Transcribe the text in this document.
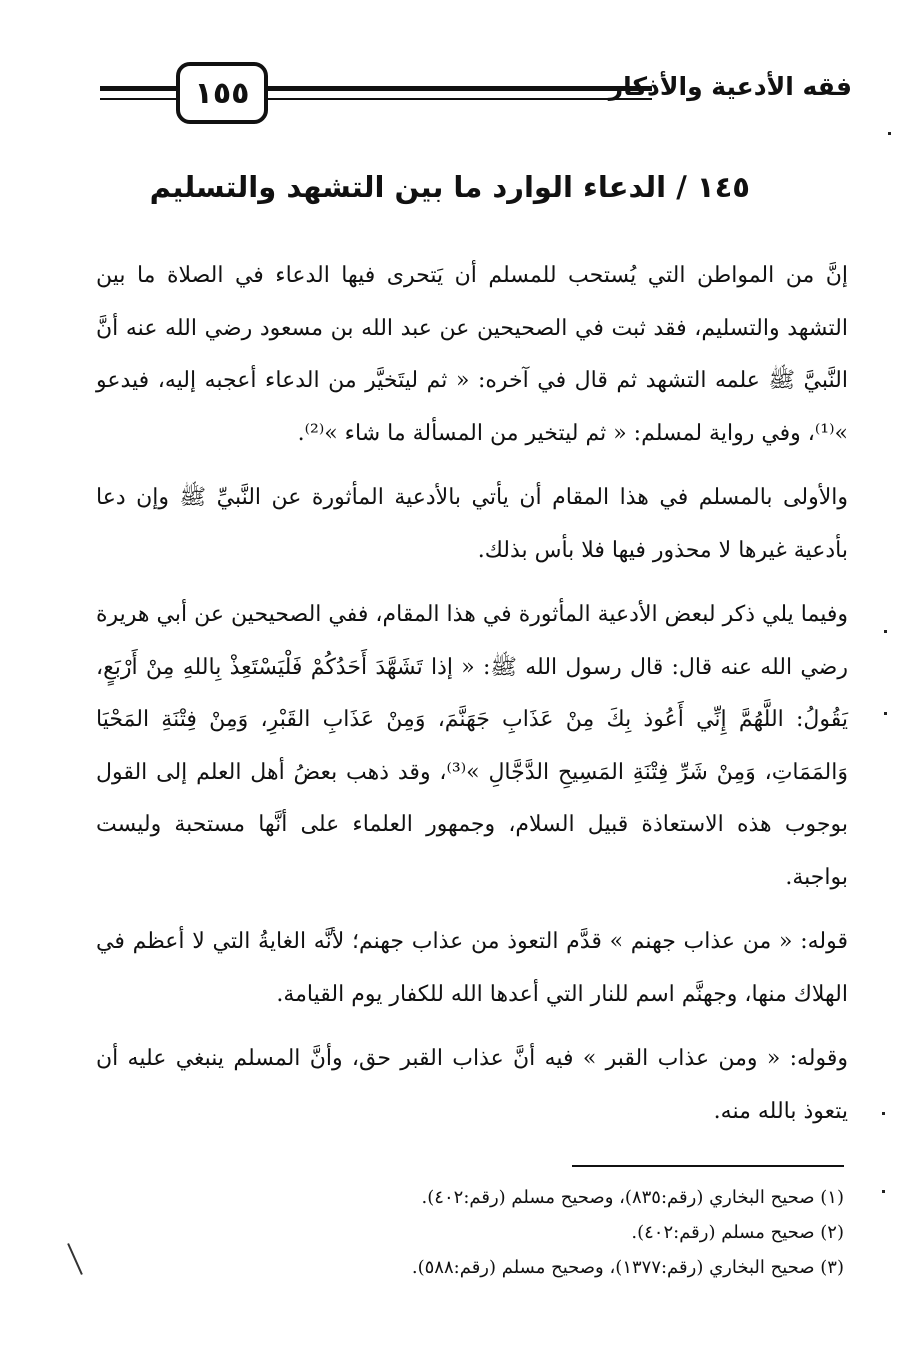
١٥٥	فقه الأدعية والأذكار
١٤٥ / الدعاء الوارد ما بين التشهد والتسليم

إنَّ من المواطن التي يُستحب للمسلم أن يَتحرى فيها الدعاء في الصلاة ما بين التشهد والتسليم، فقد ثبت في الصحيحين عن عبد الله بن مسعود رضي الله عنه أنَّ النَّبيَّ ﷺ علمه التشهد ثم قال في آخره: « ثم ليتَخيَّر من الدعاء أعجبه إليه، فيدعو »⁽¹⁾، وفي رواية لمسلم: « ثم ليتخير من المسألة ما شاء »⁽²⁾.

والأولى بالمسلم في هذا المقام أن يأتي بالأدعية المأثورة عن النَّبيِّ ﷺ وإن دعا بأدعية غيرها لا محذور فيها فلا بأس بذلك.

وفيما يلي ذكر لبعض الأدعية المأثورة في هذا المقام، ففي الصحيحين عن أبي هريرة رضي الله عنه قال: قال رسول الله ﷺ: « إذا تَشَهَّدَ أَحَدُكُمْ فَلْيَسْتَعِذْ بِاللهِ مِنْ أَرْبَعٍ، يَقُولُ: اللَّهُمَّ إِنِّي أَعُوذ بِكَ مِنْ عَذَابِ جَهَنَّمَ، وَمِنْ عَذَابِ القَبْرِ، وَمِنْ فِتْنَةِ المَحْيَا وَالمَمَاتِ، وَمِنْ شَرِّ فِتْنَةِ المَسِيحِ الدَّجَّالِ »⁽³⁾، وقد ذهب بعضُ أهل العلم إلى القول بوجوب هذه الاستعاذة قبيل السلام، وجمهور العلماء على أنَّها مستحبة وليست بواجبة.

قوله: « من عذاب جهنم » قدَّم التعوذ من عذاب جهنم؛ لأنَّه الغايةُ التي لا أعظم في الهلاك منها، وجهنَّم اسم للنار التي أعدها الله للكفار يوم القيامة.

وقوله: « ومن عذاب القبر » فيه أنَّ عذاب القبر حق، وأنَّ المسلم ينبغي عليه أن يتعوذ بالله منه.

(١) صحيح البخاري (رقم:٨٣٥)، وصحيح مسلم (رقم:٤٠٢).
(٢) صحيح مسلم (رقم:٤٠٢).
(٣) صحيح البخاري (رقم:١٣٧٧)، وصحيح مسلم (رقم:٥٨٨).
